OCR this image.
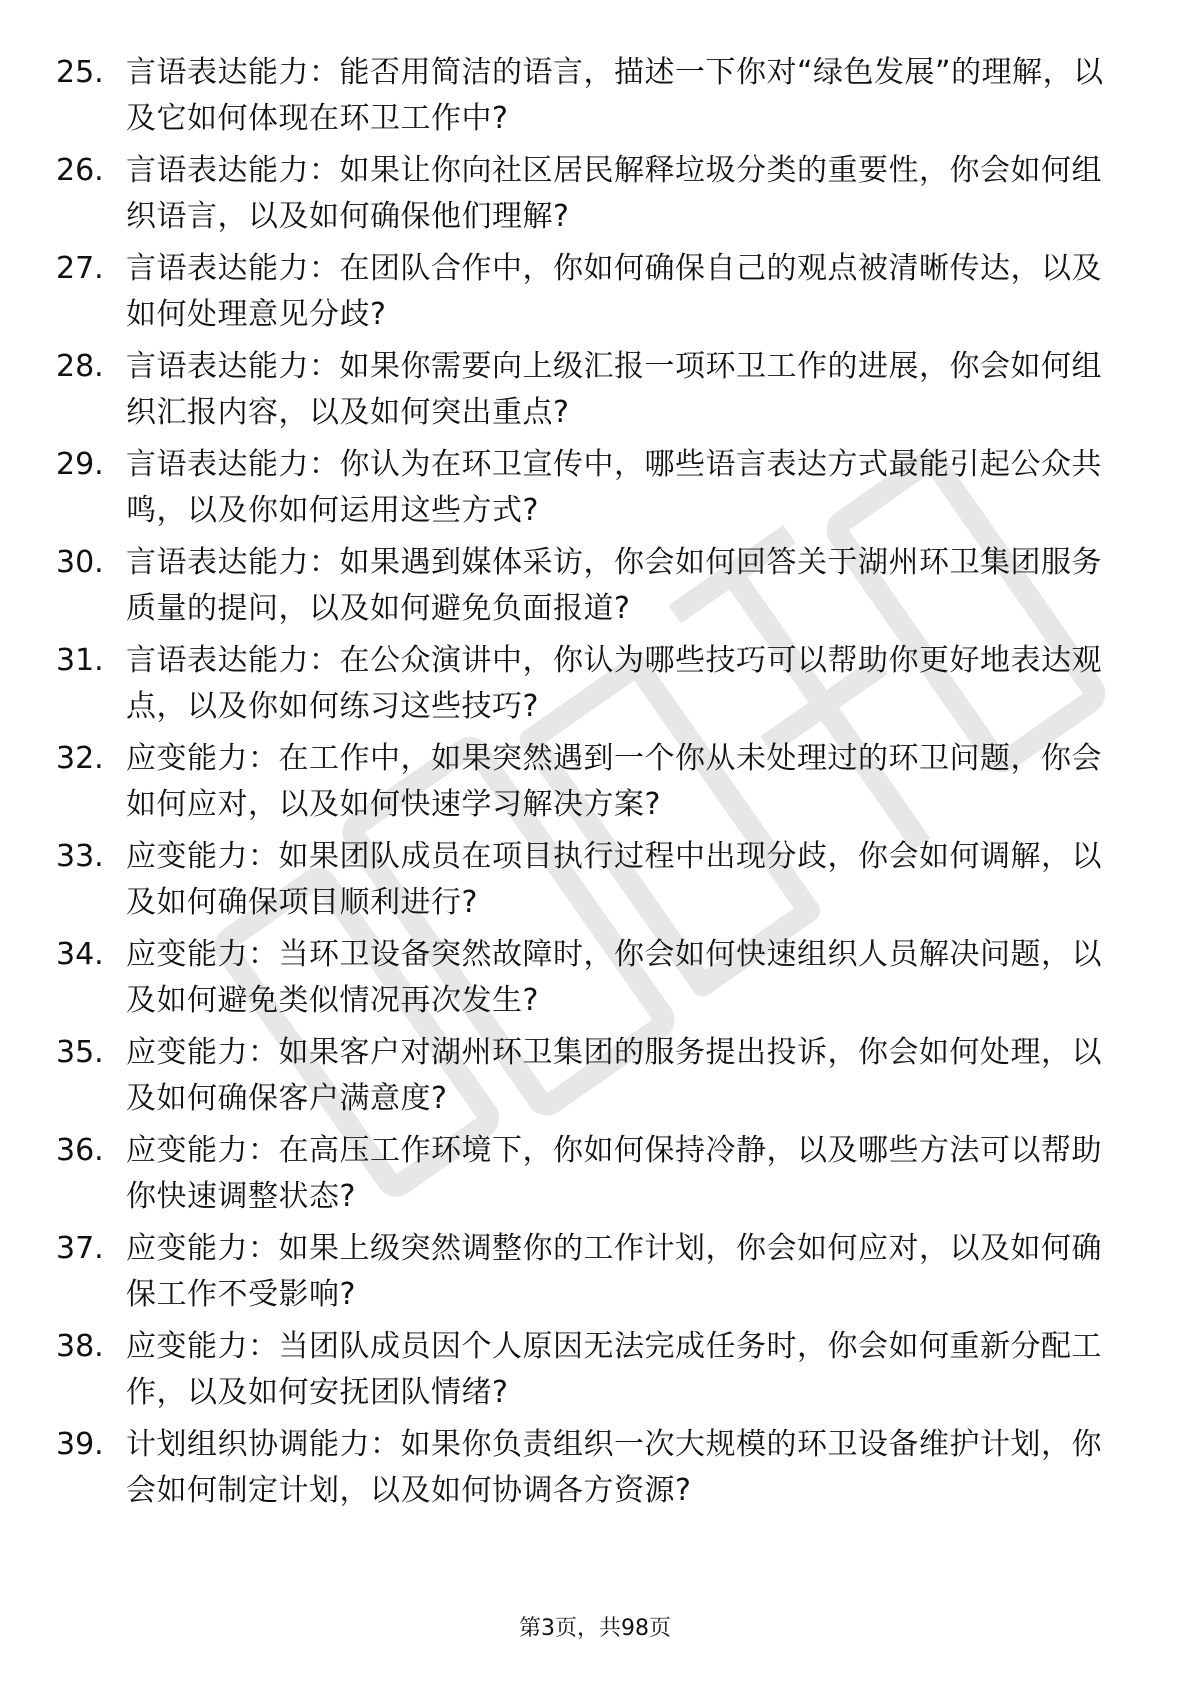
25. 言语表达能力：能否用简洁的语言，描述一下你对“绿色发展”的理解，以及它如何体现在环卫工作中?
26. 言语表达能力：如果让你向社区居民解释垃圾分类的重要性，你会如何组织语言，以及如何确保他们理解?
27. 言语表达能力：在团队合作中，你如何确保自己的观点被清晰传达，以及如何处理意见分歧?
28. 言语表达能力：如果你需要向上级汇报一项环卫工作的进展，你会如何组织汇报内容，以及如何突出重点?
29. 言语表达能力：你认为在环卫宣传中，哪些语言表达方式最能引起公众共鸣，以及你如何运用这些方式?
30. 言语表达能力：如果遇到媒体采访，你会如何回答关于湖州环卫集团服务质量的提问，以及如何避免负面报道?
31. 言语表达能力：在公众演讲中，你认为哪些技巧可以帮助你更好地表达观点，以及你如何练习这些技巧?
32. 应变能力：在工作中，如果突然遇到一个你从未处理过的环卫问题，你会如何应对，以及如何快速学习解决方案?
33. 应变能力：如果团队成员在项目执行过程中出现分歧，你会如何调解，以及如何确保项目顺利进行?
34. 应变能力：当环卫设备突然故障时，你会如何快速组织人员解决问题，以及如何避免类似情况再次发生?
35. 应变能力：如果客户对湖州环卫集团的服务提出投诉，你会如何处理，以及如何确保客户满意度?
36. 应变能力：在高压工作环境下，你如何保持冷静，以及哪些方法可以帮助你快速调整状态?
37. 应变能力：如果上级突然调整你的工作计划，你会如何应对，以及如何确保工作不受影响?
38. 应变能力：当团队成员因个人原因无法完成任务时，你会如何重新分配工作，以及如何安抚团队情绪?
39. 计划组织协调能力：如果你负责组织一次大规模的环卫设备维护计划，你会如何制定计划，以及如何协调各方资源?
第3页，共98页
